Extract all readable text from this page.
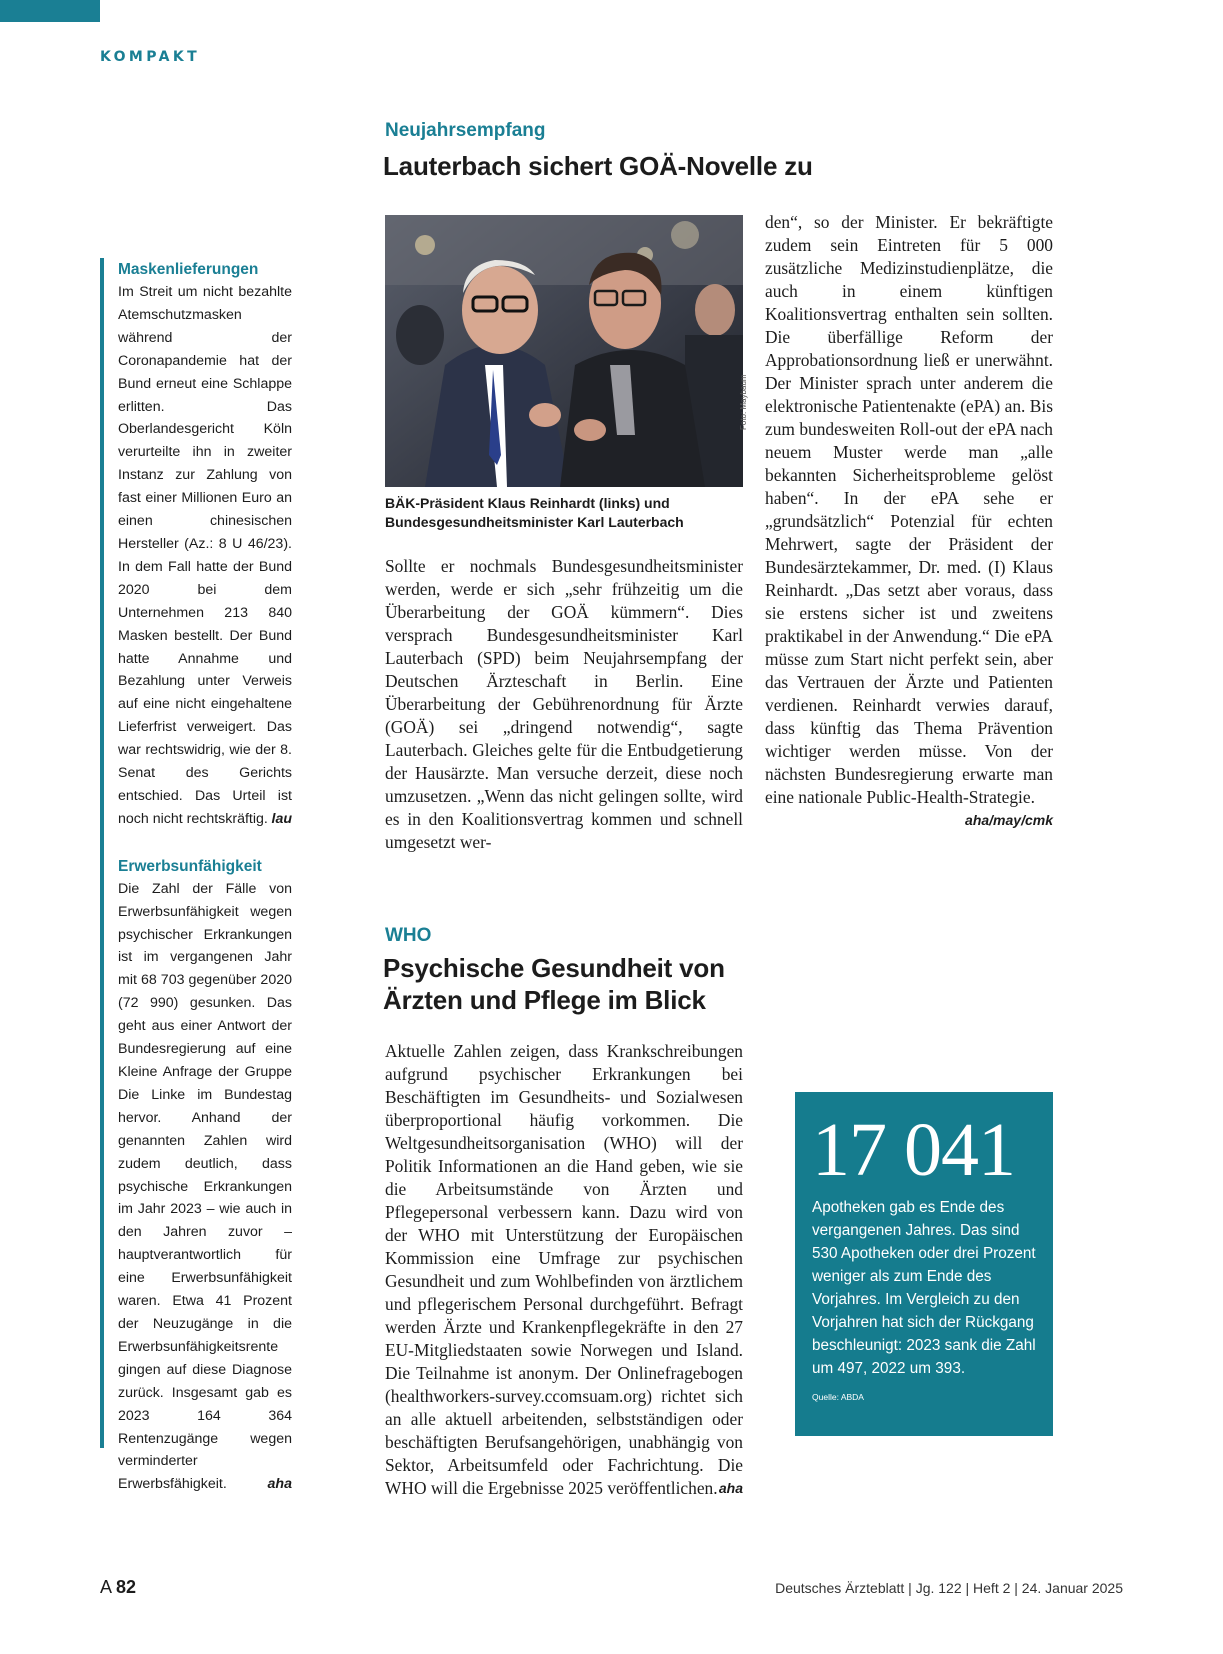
KOMPAKT

Maskenlieferungen

Im Streit um nicht bezahlte Atemschutzmasken während der Coronapandemie hat der Bund erneut eine Schlappe erlitten. Das Oberlandesgericht Köln verurteilte ihn in zweiter Instanz zur Zahlung von fast einer Millionen Euro an einen chinesischen Hersteller (Az.: 8 U 46/23). In dem Fall hatte der Bund 2020 bei dem Unternehmen 213 840 Masken bestellt. Der Bund hatte Annahme und Bezahlung unter Verweis auf eine nicht eingehaltene Lieferfrist verweigert. Das war rechtswidrig, wie der 8. Senat des Gerichts entschied. Das Urteil ist noch nicht rechtskräftig. lau

Erwerbsunfähigkeit

Die Zahl der Fälle von Erwerbsunfähigkeit wegen psychischer Erkrankungen ist im vergangenen Jahr mit 68 703 gegenüber 2020 (72 990) gesunken. Das geht aus einer Antwort der Bundesregierung auf eine Kleine Anfrage der Gruppe Die Linke im Bundestag hervor. Anhand der genannten Zahlen wird zudem deutlich, dass psychische Erkrankungen im Jahr 2023 – wie auch in den Jahren zuvor – hauptverantwortlich für eine Erwerbsunfähigkeit waren. Etwa 41 Prozent der Neuzugänge in die Erwerbsunfähigkeitsrente gingen auf diese Diagnose zurück. Insgesamt gab es 2023 164 364 Rentenzugänge wegen verminderter Erwerbsfähigkeit.	aha

Neujahrsempfang

Lauterbach sichert GOÄ-Novelle zu
Foto: Maybaum

BÄK-Präsident Klaus Reinhardt (links) und Bundesgesundheitsminister Karl Lauterbach

Sollte er nochmals Bundesgesundheitsminister werden, werde er sich „sehr frühzeitig um die Überarbeitung der GOÄ kümmern“. Dies versprach Bundesgesundheitsminister Karl Lauterbach (SPD) beim Neujahrsempfang der Deutschen Ärzteschaft in Berlin. Eine Überarbeitung der Gebührenordnung für Ärzte (GOÄ) sei „dringend notwendig“, sagte Lauterbach. Gleiches gelte für die Entbudgetierung der Hausärzte. Man versuche derzeit, diese noch umzusetzen. „Wenn das nicht gelingen sollte, wird es in den Koalitionsvertrag kommen und schnell umgesetzt wer-

den“, so der Minister. Er bekräftigte zudem sein Eintreten für 5 000 zusätzliche Medizinstudienplätze, die auch in einem künftigen Koalitionsvertrag enthalten sein sollten. Die überfällige Reform der Approbationsordnung ließ er unerwähnt. Der Minister sprach unter anderem die elektronische Patientenakte (ePA) an. Bis zum bundesweiten Roll-out der ePA nach neuem Muster werde man „alle bekannten Sicherheitsprobleme gelöst haben“. In der ePA sehe er „grundsätzlich“ Potenzial für echten Mehrwert, sagte der Präsident der Bundesärztekammer, Dr. med. (I) Klaus Reinhardt. „Das setzt aber voraus, dass sie erstens sicher ist und zweitens praktikabel in der Anwendung.“ Die ePA müsse zum Start nicht perfekt sein, aber das Vertrauen der Ärzte und Patienten verdienen. Reinhardt verwies darauf, dass künftig das Thema Prävention wichtiger werden müsse. Von der nächsten Bundesregierung erwarte man eine nationale Public-Health-Strategie.
aha/may/cmk

WHO

Psychische Gesundheit von
Ärzten und Pflege im Blick

Aktuelle Zahlen zeigen, dass Krankschreibungen aufgrund psychischer Erkrankungen bei Beschäftigten im Gesundheits- und Sozialwesen überproportional häufig vorkommen. Die Weltgesundheitsorganisation (WHO) will der Politik Informationen an die Hand geben, wie sie die Arbeitsumstände von Ärzten und Pflegepersonal verbessern kann. Dazu wird von der WHO mit Unterstützung der Europäischen Kommission eine Umfrage zur psychischen Gesundheit und zum Wohlbefinden von ärztlichem und pflegerischem Personal durchgeführt. Befragt werden Ärzte und Krankenpflegekräfte in den 27 EU-Mitgliedstaaten sowie Norwegen und Island. Die Teilnahme ist anonym. Der Onlinefragebogen (healthworkers-survey.ccomsuam.org) richtet sich an alle aktuell arbeitenden, selbstständigen oder beschäftigten Berufsangehörigen, unabhängig von Sektor, Arbeitsumfeld oder Fachrichtung. Die WHO will die Ergebnisse 2025 veröffentlichen. aha

17 041

Apotheken gab es Ende des vergangenen Jahres. Das sind 530 Apotheken oder drei Prozent weniger als zum Ende des Vorjahres. Im Vergleich zu den Vorjahren hat sich der Rückgang beschleunigt: 2023 sank die Zahl um 497, 2022 um 393.

Quelle: ABDA

A 82	Deutsches Ärzteblatt | Jg. 122 | Heft 2 | 24. Januar 2025
